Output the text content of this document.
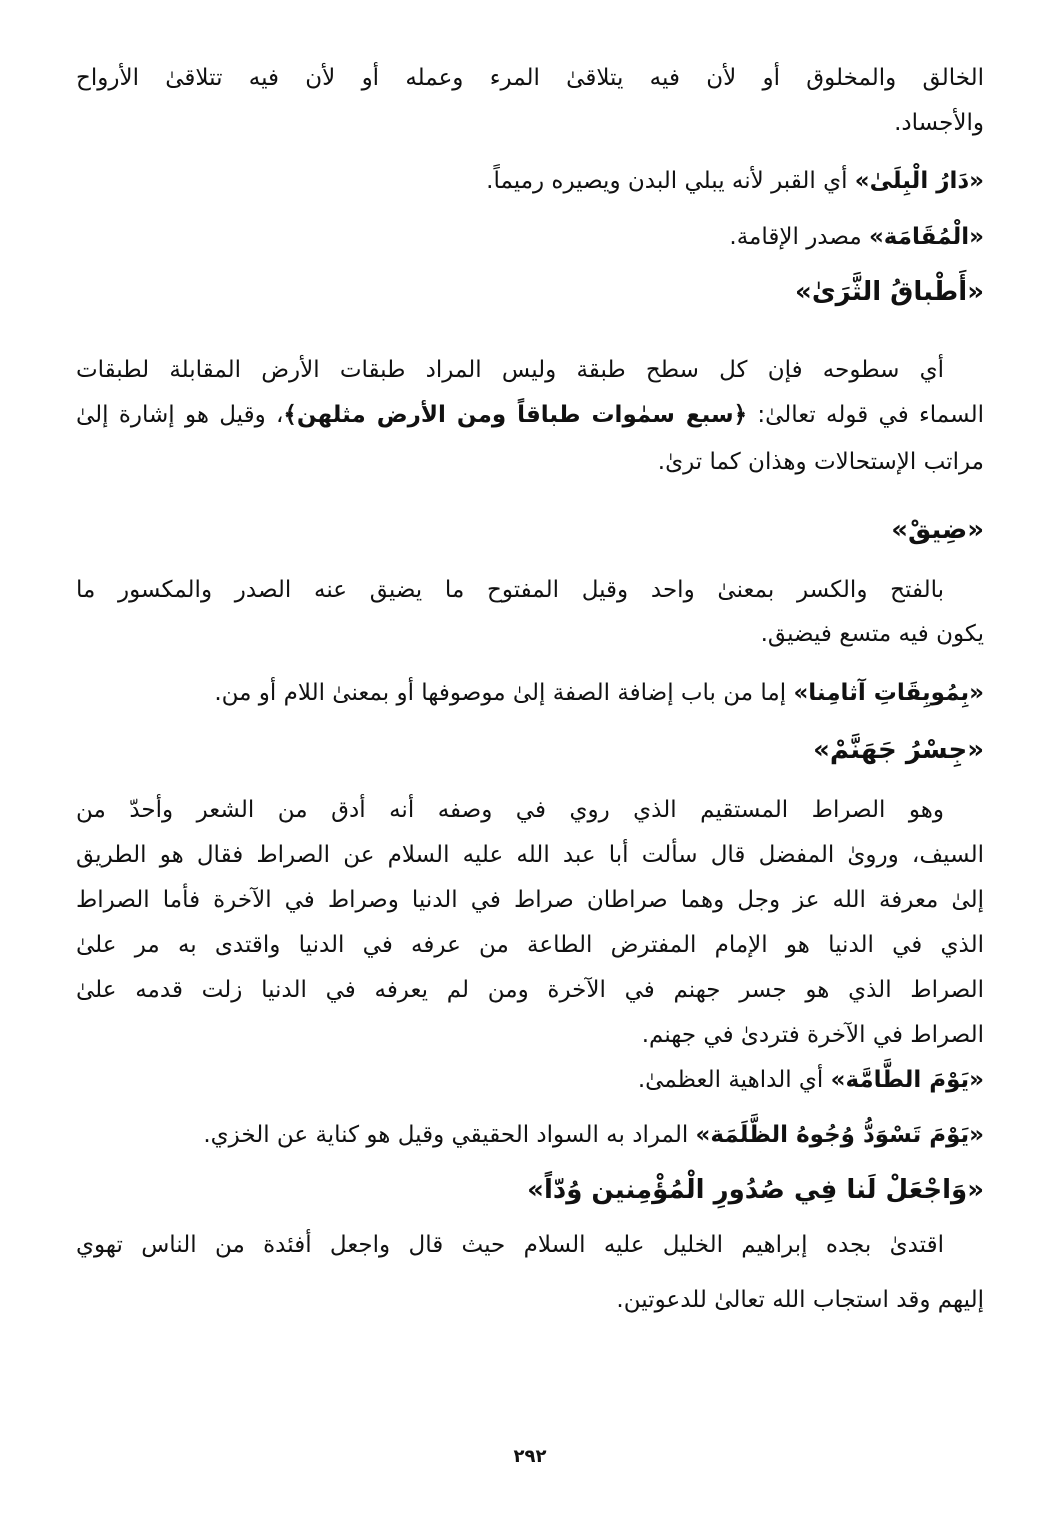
الخالق والمخلوق أو لأن فيه يتلاقىٰ المرء وعمله أو لأن فيه تتلاقىٰ الأرواح
والأجساد.
«دَارُ الْبِلَىٰ» أي القبر لأنه يبلي البدن ويصيره رميماً.
«الْمُقَامَة» مصدر الإقامة.
«أَطْباقُ الثَّرَىٰ»
أي سطوحه فإن كل سطح طبقة وليس المراد طبقات الأرض المقابلة لطبقات
السماء في قوله تعالىٰ: ﴿سبع سمٰوات طباقاً ومن الأرض مثلهن﴾، وقيل هو إشارة إلىٰ
مراتب الإستحالات وهذان كما ترىٰ.
«ضِيقْ»
بالفتح والكسر بمعنىٰ واحد وقيل المفتوح ما يضيق عنه الصدر والمكسور ما
يكون فيه متسع فيضيق.
«بِمُوبِقَاتِ آثامِنا» إما من باب إضافة الصفة إلىٰ موصوفها أو بمعنىٰ اللام أو من.
«جِسْرُ جَهَنَّمْ»
وهو الصراط المستقيم الذي روي في وصفه أنه أدق من الشعر وأحدّ من
السيف، وروىٰ المفضل قال سألت أبا عبد الله عليه السلام عن الصراط فقال هو الطريق
إلىٰ معرفة الله عز وجل وهما صراطان صراط في الدنيا وصراط في الآخرة فأما الصراط
الذي في الدنيا هو الإمام المفترض الطاعة من عرفه في الدنيا واقتدى به مر علىٰ
الصراط الذي هو جسر جهنم في الآخرة ومن لم يعرفه في الدنيا زلت قدمه علىٰ
الصراط في الآخرة فتردىٰ في جهنم.
«يَوْمَ الطَّامَّة» أي الداهية العظمىٰ.
«يَوْمَ تَسْوَدُّ وُجُوهُ الظَّلَمَة» المراد به السواد الحقيقي وقيل هو كناية عن الخزي.
«وَاجْعَلْ لَنا فِي صُدُورِ الْمُؤْمِنين وُدّاً»
اقتدىٰ بجده إبراهيم الخليل عليه السلام حيث قال واجعل أفئدة من الناس تهوي
إليهم وقد استجاب الله تعالىٰ للدعوتين.
٢٩٢
